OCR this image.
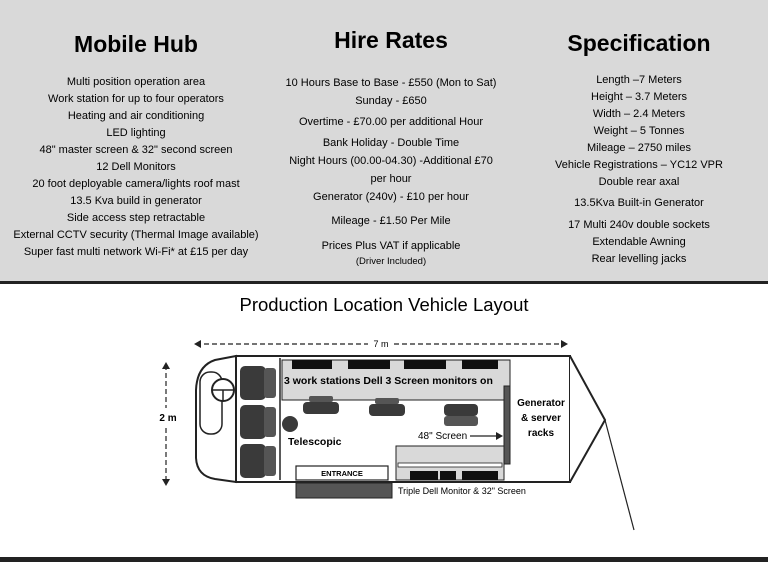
Mobile Hub
Multi position operation area
Work station for up to four operators
Heating and air conditioning
LED lighting
48" master screen & 32" second screen
12 Dell Monitors
20 foot deployable camera/lights roof mast
13.5 Kva build in generator
Side access step retractable
External CCTV security (Thermal Image available)
Super fast multi network Wi-Fi* at £15 per day
Hire Rates
10 Hours Base to Base - £550 (Mon to Sat)
Sunday - £650
Overtime - £70.00 per additional Hour
Bank Holiday - Double Time
Night Hours (00.00-04.30) -Additional £70
per hour
Generator (240v) - £10 per hour
Mileage - £1.50 Per Mile
Prices Plus VAT if applicable
(Driver Included)
Specification
Length –7 Meters
Height – 3.7 Meters
Width – 2.4 Meters
Weight – 5 Tonnes
Mileage – 2750 miles
Vehicle Registrations – YC12 VPR
Double rear axal
13.5Kva Built-in Generator
17 Multi 240v double sockets
Extendable Awning
Rear levelling jacks
Production Location Vehicle Layout
7 m
2 m
3 work stations Dell 3 Screen monitors on
Telescopic	48" Screen
Generator
& server
racks
ENTRANCE
Triple Dell Monitor & 32" Screen
